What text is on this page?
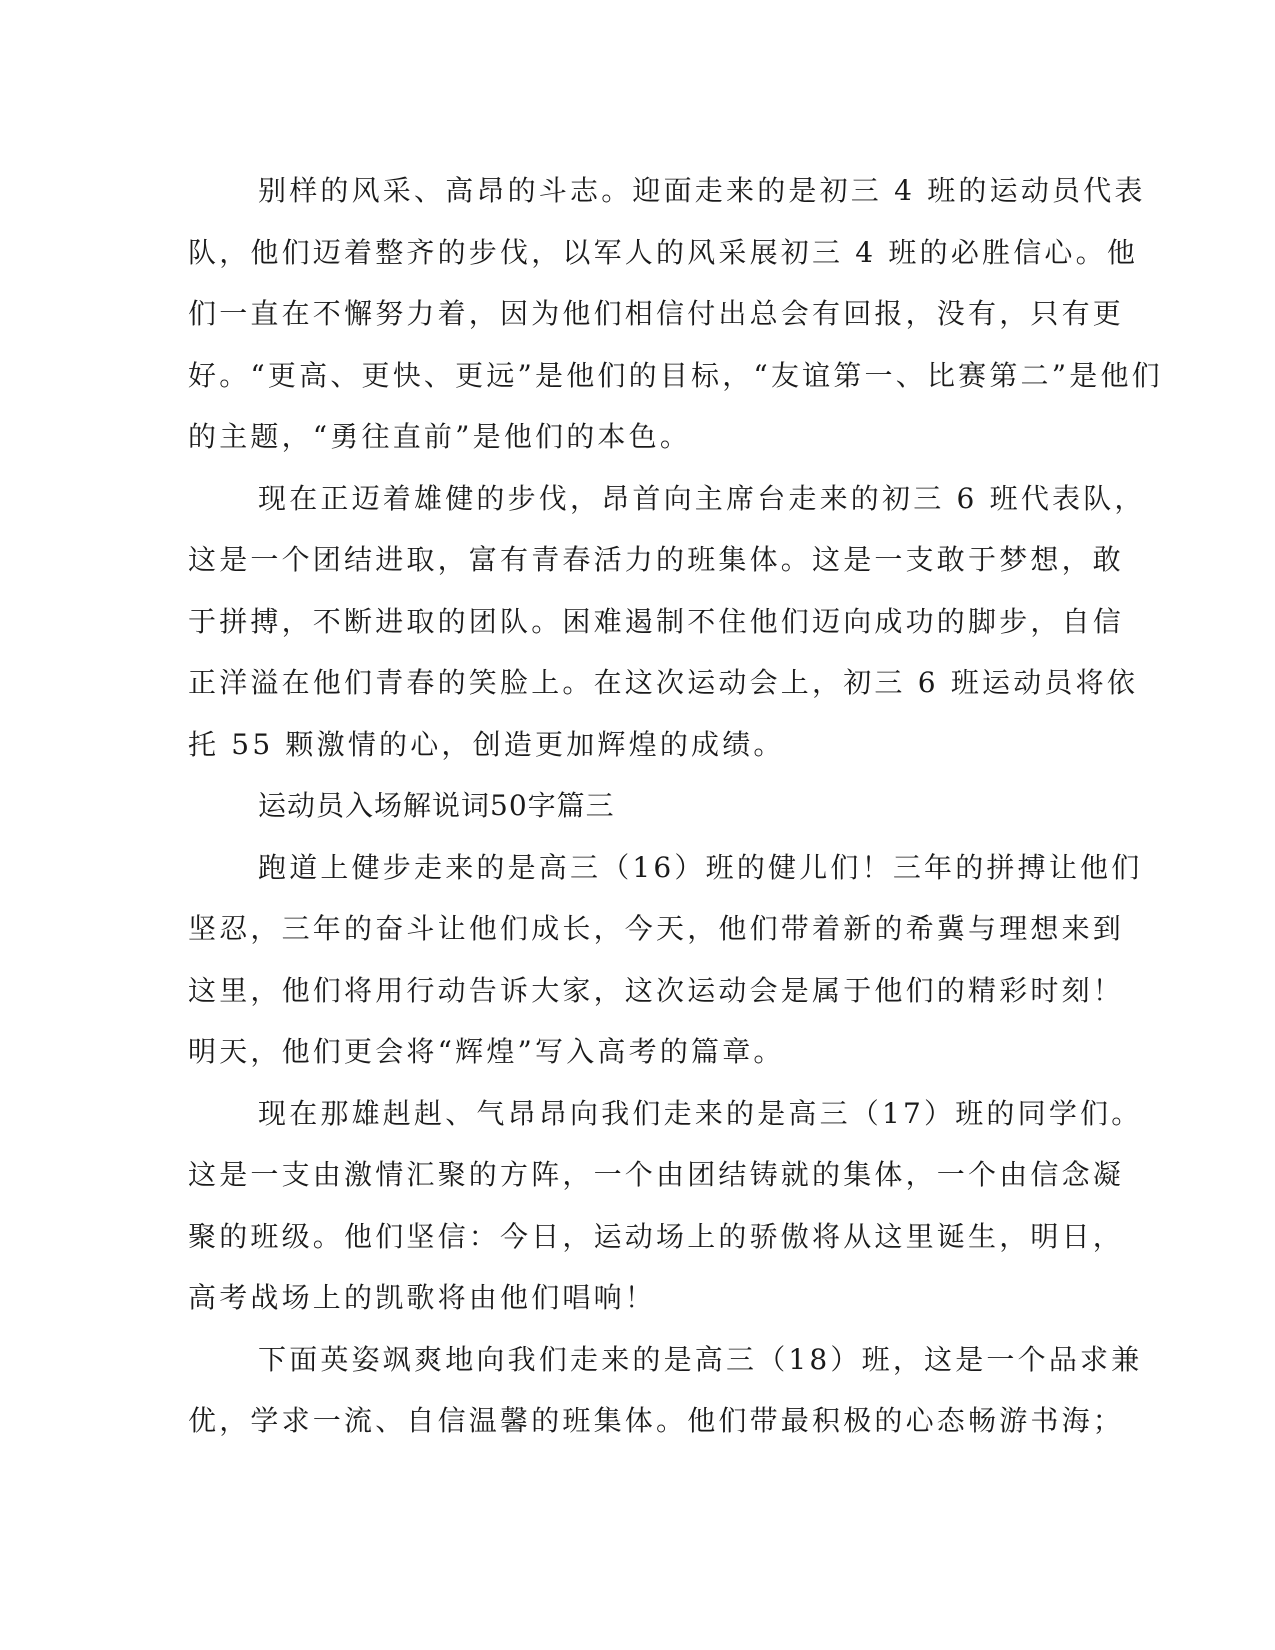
别样的风采、高昂的斗志。迎面走来的是初三 4 班的运动员代表
队，他们迈着整齐的步伐，以军人的风采展初三 4 班的必胜信心。他
们一直在不懈努力着，因为他们相信付出总会有回报，没有，只有更
好。“更高、更快、更远”是他们的目标，“友谊第一、比赛第二”是他们
的主题，“勇往直前”是他们的本色。
现在正迈着雄健的步伐，昂首向主席台走来的初三 6 班代表队，
这是一个团结进取，富有青春活力的班集体。这是一支敢于梦想，敢
于拼搏，不断进取的团队。困难遏制不住他们迈向成功的脚步，自信
正洋溢在他们青春的笑脸上。在这次运动会上，初三 6 班运动员将依
托 55 颗激情的心，创造更加辉煌的成绩。
运动员入场解说词50字篇三
跑道上健步走来的是高三（16）班的健儿们！三年的拼搏让他们
坚忍，三年的奋斗让他们成长，今天，他们带着新的希冀与理想来到
这里，他们将用行动告诉大家，这次运动会是属于他们的精彩时刻！
明天，他们更会将“辉煌”写入高考的篇章。
现在那雄赳赳、气昂昂向我们走来的是高三（17）班的同学们。
这是一支由激情汇聚的方阵，一个由团结铸就的集体，一个由信念凝
聚的班级。他们坚信：今日，运动场上的骄傲将从这里诞生，明日，
高考战场上的凯歌将由他们唱响！
下面英姿飒爽地向我们走来的是高三（18）班，这是一个品求兼
优，学求一流、自信温馨的班集体。他们带最积极的心态畅游书海；
